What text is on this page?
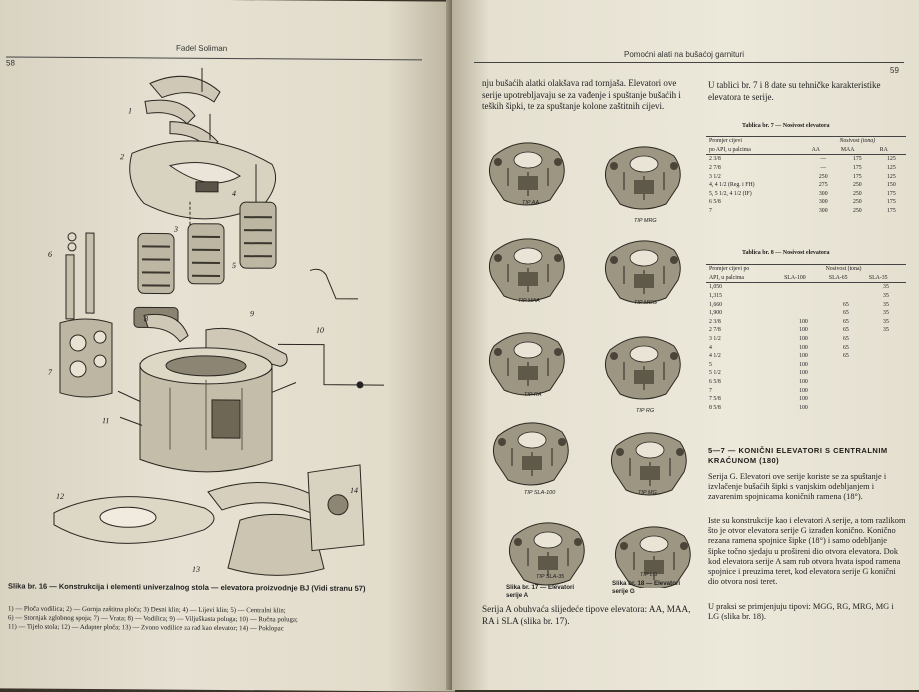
58
Fadel Soliman
1
2
3
4
5
6
7
8
9
10
11
12
13
14
Slika br. 16 — Konstrukcija i elementi univerzalnog stola — elevatora proizvodnje BJ (Vidi stranu 57)
1) — Ploča vodilica; 2) — Gornja zaštitna ploča; 3) Desni klin; 4) — Lijevi klin; 5) — Centralni klin;
6) — Stornjak zglobnog spoja; 7) — Vrata; 8) — Vodilica; 9) — Viljuškasta poluga; 10) — Ručna poluga;
11) — Tijelo stola; 12) — Adapter ploča; 13) — Zvono vodilice za rad kao elevator; 14) — Poklopac
Pomoćni alati na bušaćoj garnituri
59
nju bušaćih alatki olakšava rad tornjaša. Elevatori ove serije upotrebljavaju se za vađenje i spuštanje bušaćih i teških šipki, te za spuštanje kolone zaštitnih cijevi.
TIP AA
TIP MRG
TIP MAA	TIP MGG
TIP RA
TIP RG
TIP SLA-100	TIP MG
TIP SLA-35	TIP LG
Slika br. 17 — Elevatori serije A
Slika br. 18 — Elevatori serije G
Serija A obuhvaća slijedeće tipove elevatora: AA, MAA, RA i SLA (slika br. 17).
U tablici br. 7 i 8 date su tehničke karakteristike elevatora te serije.
Tablica br. 7 — Nosivost elevatora
Promjer cijevi	Nosivost (tona)		
po API, u palcima	AA	MAA	RA
2 3/8	—	175	125
2 7/8	—	175	125
3 1/2	250	175	125
4, 4 1/2 (Reg. i FH)	275	250	150
5, 5 1/2, 4 1/2 (IF)	300	250	175
6 5/8	300	250	175
7	300	250	175
Tablica br. 8 — Nosivost elevatora
Promjer cijevi po	Nosivost (tona)		
API, u palcima	SLA-100	SLA-65	SLA-35
1,050			35
1,315			35
1,660		65	35
1,900		65	35
2 3/8	100	65	35
2 7/8	100	65	35
3 1/2	100	65	
4	100	65	
4 1/2	100	65	
5	100		
5 1/2	100		
6 5/8	100		
7	100		
7 5/8	100		
8 5/8	100		
5—7 — KONIČNI ELEVATORI S CENTRALNIM KRAĆUNOM (180)
Serija G. Elevatori ove serije koriste se za spuštanje i izvlačenje bušaćih šipki s vanjskim odebljanjem i zavarenim spojnicama koničnih ramena (18°).
Iste su konstrukcije kao i elevatori A serije, a tom razlikom što je otvor elevatora serije G izrađen konično. Konično rezana ramena spojnice šipke (18°) i samo odebljanje šipke točno sjedaju u prošireni dio otvora elevatora. Dok kod elevatora serije A sam rub otvora hvata ispod ramena spojnice i preuzima teret, kod elevatora serije G konični dio otvora nosi teret.
U praksi se primjenjuju tipovi: MGG, RG, MRG, MG i LG (slika br. 18).
